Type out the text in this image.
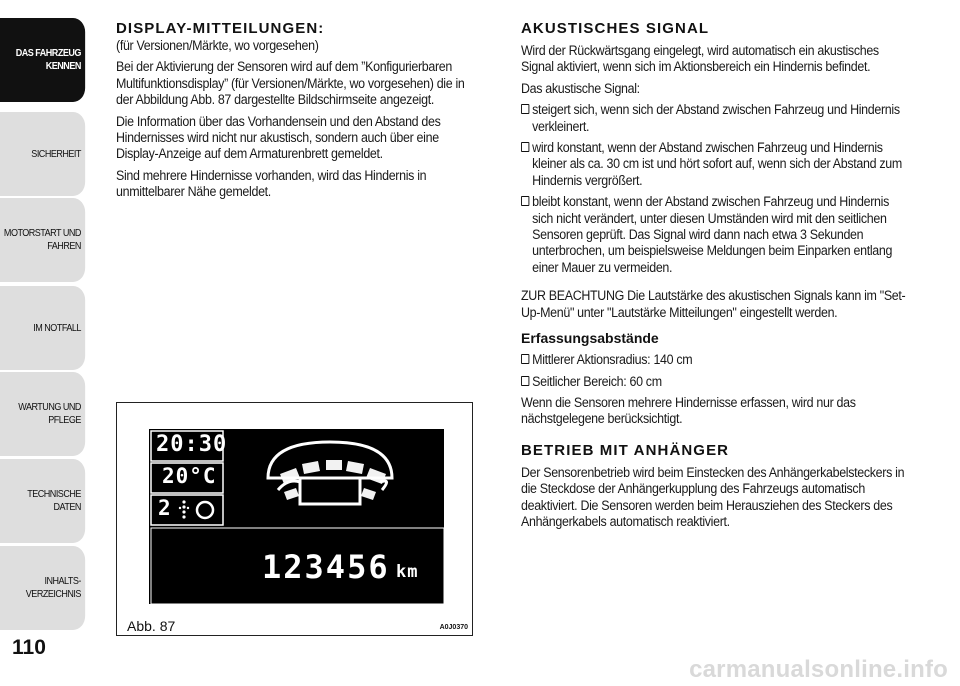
DAS FAHRZEUG KENNEN
SICHERHEIT
MOTORSTART UND FAHREN
IM NOTFALL
WARTUNG UND PFLEGE
TECHNISCHE DATEN
INHALTS-VERZEICHNIS
110
DISPLAY-MITTEILUNGEN:

(für Versionen/Märkte, wo vorgesehen)

Bei der Aktivierung der Sensoren wird auf dem ”Konfigurierbaren Multifunktionsdisplay” (für Versionen/Märkte, wo vorgesehen) die in der Abbildung Abb. 87 dargestellte Bildschirmseite angezeigt.

Die Information über das Vorhandensein und den Abstand des Hindernisses wird nicht nur akustisch, sondern auch über eine Display-Anzeige auf dem Armaturenbrett gemeldet.

Sind mehrere Hindernisse vorhanden, wird das Hindernis in unmittelbarer Nähe gemeldet.

20:30
20°C
2
123456 km
Abb. 87	A0J0370
AKUSTISCHES SIGNAL

Wird der Rückwärtsgang eingelegt, wird automatisch ein akustisches Signal aktiviert, wenn sich im Aktionsbereich ein Hindernis befindet.

Das akustische Signal:

steigert sich, wenn sich der Abstand zwischen Fahrzeug und Hindernis verkleinert.

wird konstant, wenn der Abstand zwischen Fahrzeug und Hindernis kleiner als ca. 30 cm ist und hört sofort auf, wenn sich der Abstand zum Hindernis vergrößert.

bleibt konstant, wenn der Abstand zwischen Fahrzeug und Hindernis sich nicht verändert, unter diesen Umständen wird mit den seitlichen Sensoren geprüft. Das Signal wird dann nach etwa 3 Sekunden unterbrochen, um beispielsweise Meldungen beim Einparken entlang einer Mauer zu vermeiden.

ZUR BEACHTUNG Die Lautstärke des akustischen Signals kann im "Set-Up-Menü" unter "Lautstärke Mitteilungen" eingestellt werden.

Erfassungsabstände

Mittlerer Aktionsradius: 140 cm

Seitlicher Bereich: 60 cm

Wenn die Sensoren mehrere Hindernisse erfassen, wird nur das nächstgelegene berücksichtigt.

BETRIEB MIT ANHÄNGER

Der Sensorenbetrieb wird beim Einstecken des Anhängerkabelsteckers in die Steckdose der Anhängerkupplung des Fahrzeugs automatisch deaktiviert. Die Sensoren werden beim Herausziehen des Steckers des Anhängerkabels automatisch reaktiviert.

carmanualsonline.info
